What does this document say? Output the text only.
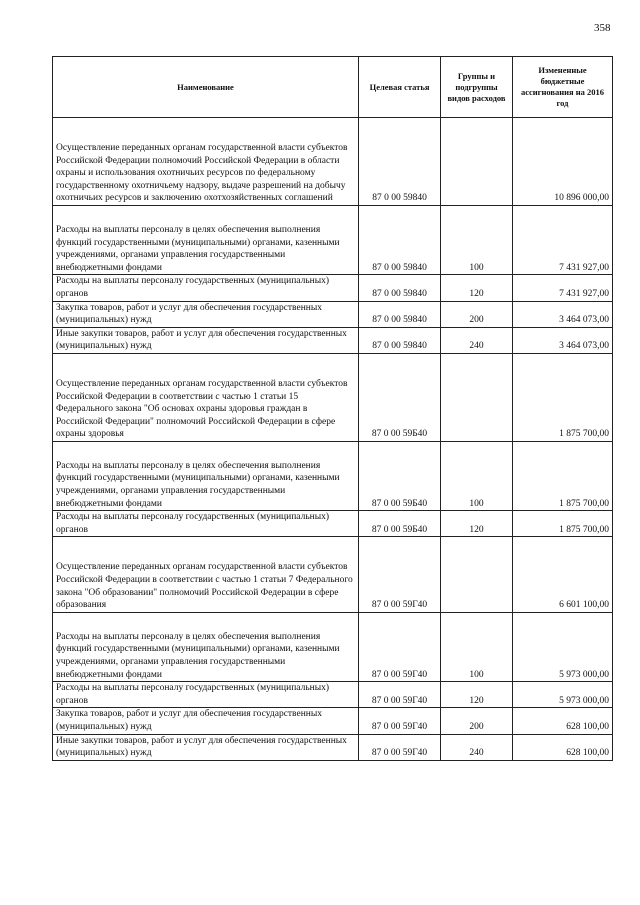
358
Наименование	Целевая статья	Группы и подгруппы видов расходов	Измененные бюджетные ассигнования на 2016 год
Осуществление переданных органам государственной власти субъектов Российской Федерации полномочий Российской Федерации в области охраны и использования охотничьих ресурсов по федеральному государственному охотничьему надзору, выдаче разрешений на добычу охотничьих ресурсов и заключению охотхозяйственных соглашений	87 0 00 59840		10 896 000,00
Расходы на выплаты персоналу в целях обеспечения выполнения функций государственными (муниципальными) органами, казенными учреждениями, органами управления государственными внебюджетными фондами	87 0 00 59840	100	7 431 927,00
Расходы на выплаты персоналу государственных (муниципальных) органов	87 0 00 59840	120	7 431 927,00
Закупка товаров, работ и услуг для обеспечения государственных (муниципальных) нужд	87 0 00 59840	200	3 464 073,00
Иные закупки товаров, работ и услуг для обеспечения государственных (муниципальных) нужд	87 0 00 59840	240	3 464 073,00
Осуществление переданных органам государственной власти субъектов Российской Федерации в соответствии с частью 1 статьи 15 Федерального закона "Об основах охраны здоровья граждан в Российской Федерации" полномочий Российской Федерации в сфере охраны здоровья	87 0 00 59Б40		1 875 700,00
Расходы на выплаты персоналу в целях обеспечения выполнения функций государственными (муниципальными) органами, казенными учреждениями, органами управления государственными внебюджетными фондами	87 0 00 59Б40	100	1 875 700,00
Расходы на выплаты персоналу государственных (муниципальных) органов	87 0 00 59Б40	120	1 875 700,00
Осуществление переданных органам государственной власти субъектов Российской Федерации в соответствии с частью 1 статьи 7 Федерального закона "Об образовании" полномочий Российской Федерации в сфере образования	87 0 00 59Г40		6 601 100,00
Расходы на выплаты персоналу в целях обеспечения выполнения функций государственными (муниципальными) органами, казенными учреждениями, органами управления государственными внебюджетными фондами	87 0 00 59Г40	100	5 973 000,00
Расходы на выплаты персоналу государственных (муниципальных) органов	87 0 00 59Г40	120	5 973 000,00
Закупка товаров, работ и услуг для обеспечения государственных (муниципальных) нужд	87 0 00 59Г40	200	628 100,00
Иные закупки товаров, работ и услуг для обеспечения государственных (муниципальных) нужд	87 0 00 59Г40	240	628 100,00
